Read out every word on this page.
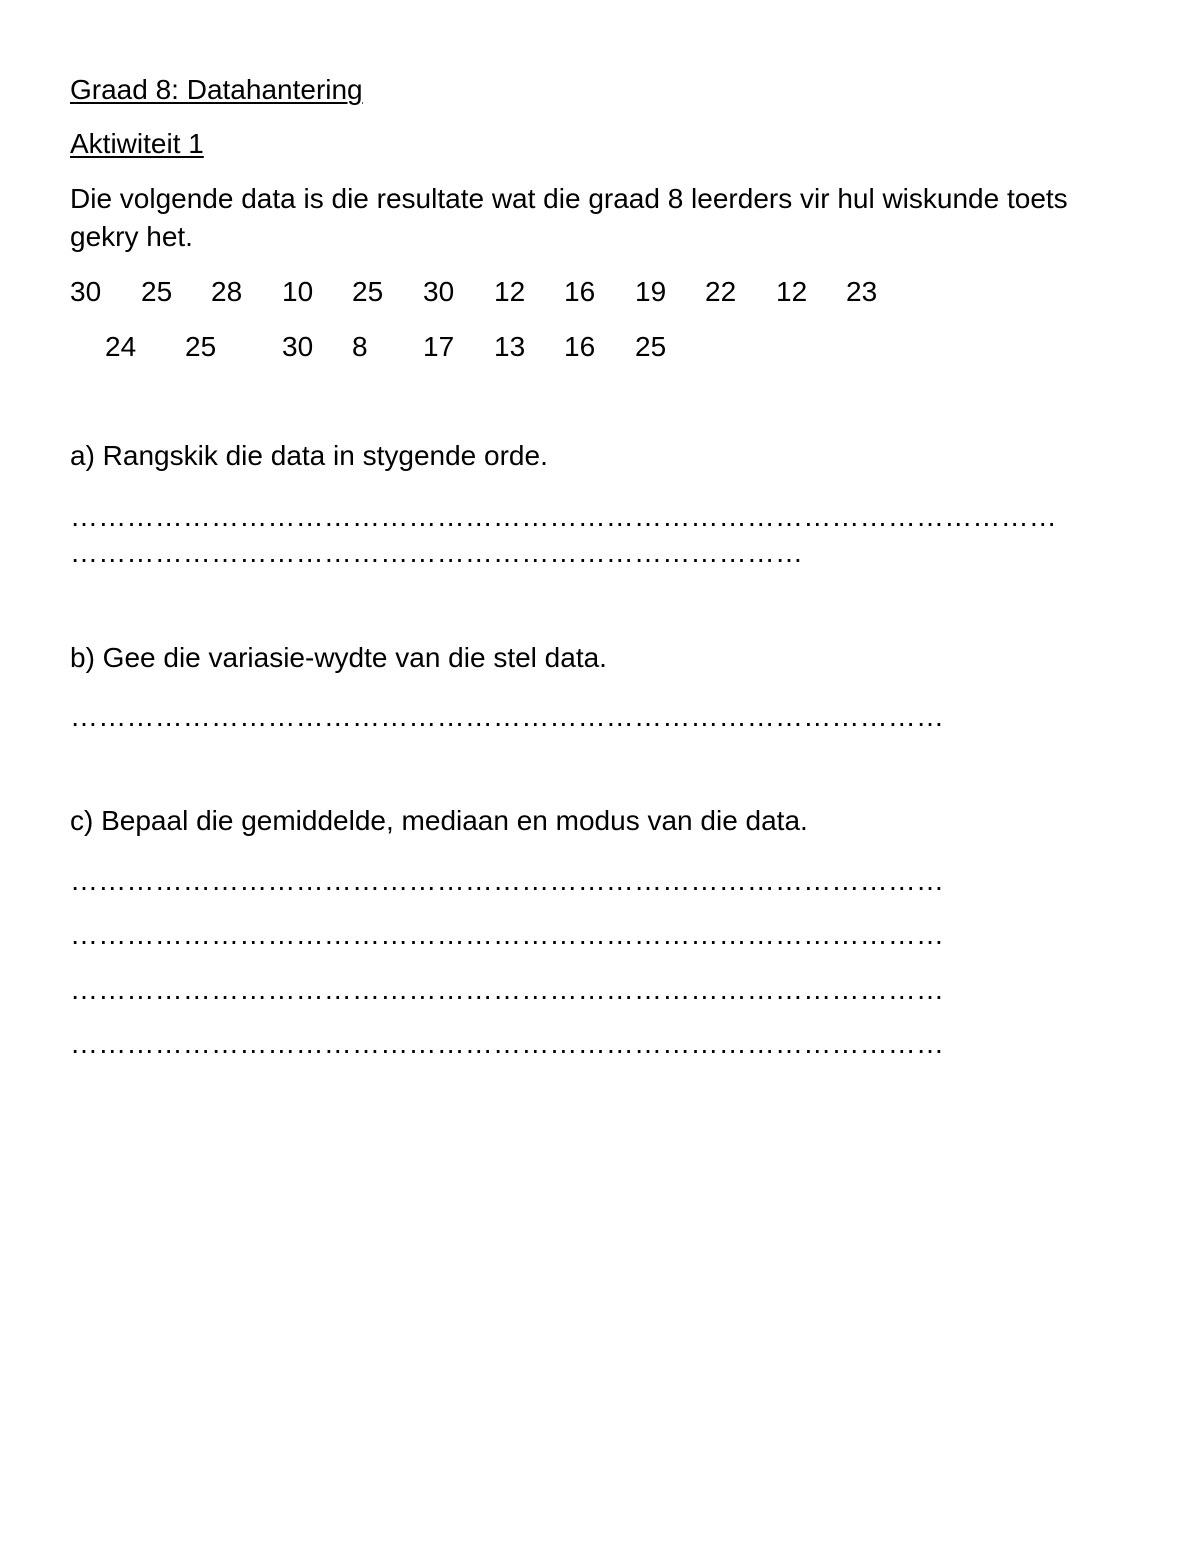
Graad 8: Datahantering
Aktiwiteit 1
Die volgende data is die resultate wat die graad 8 leerders vir hul wiskunde toets gekry het.
30 25 28 10 25 30 12 16 19 22 12 23
24 25 30 8 17 13 16 25
a) Rangskik die data in stygende orde.
……………………………………………………………………………………………
……………………………………………………………………
b) Gee die variasie-wydte van die stel data.
…………………………………………………………………………………
c) Bepaal die gemiddelde, mediaan en modus van die data.
…………………………………………………………………………………
…………………………………………………………………………………
…………………………………………………………………………………
…………………………………………………………………………………
